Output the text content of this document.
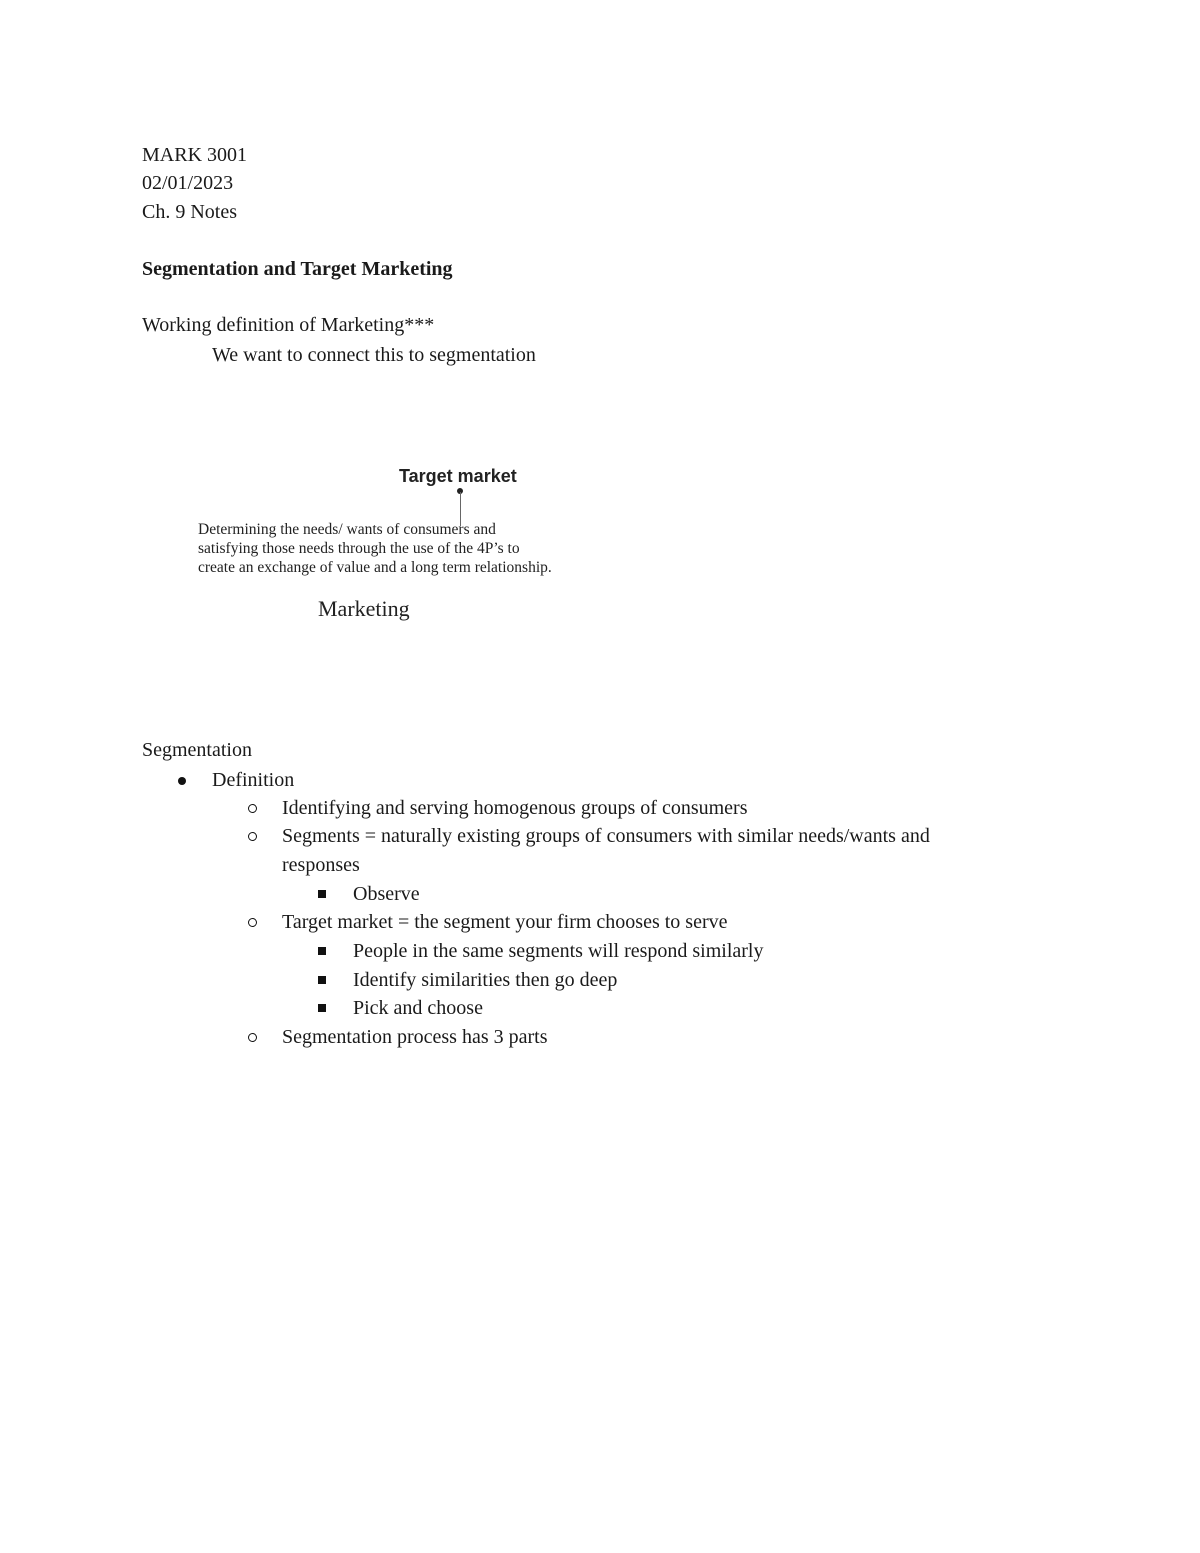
MARK 3001
02/01/2023
Ch. 9 Notes
Segmentation and Target Marketing
Working definition of Marketing***
We want to connect this to segmentation
Target market
Determining the needs/ wants of consumers and
satisfying those needs through the use of the 4P’s to
create an exchange of value and a long term relationship.
Marketing
Segmentation
Definition
Identifying and serving homogenous groups of consumers
Segments = naturally existing groups of consumers with similar needs/wants and
responses
Observe
Target market = the segment your firm chooses to serve
People in the same segments will respond similarly
Identify similarities then go deep
Pick and choose
Segmentation process has 3 parts
